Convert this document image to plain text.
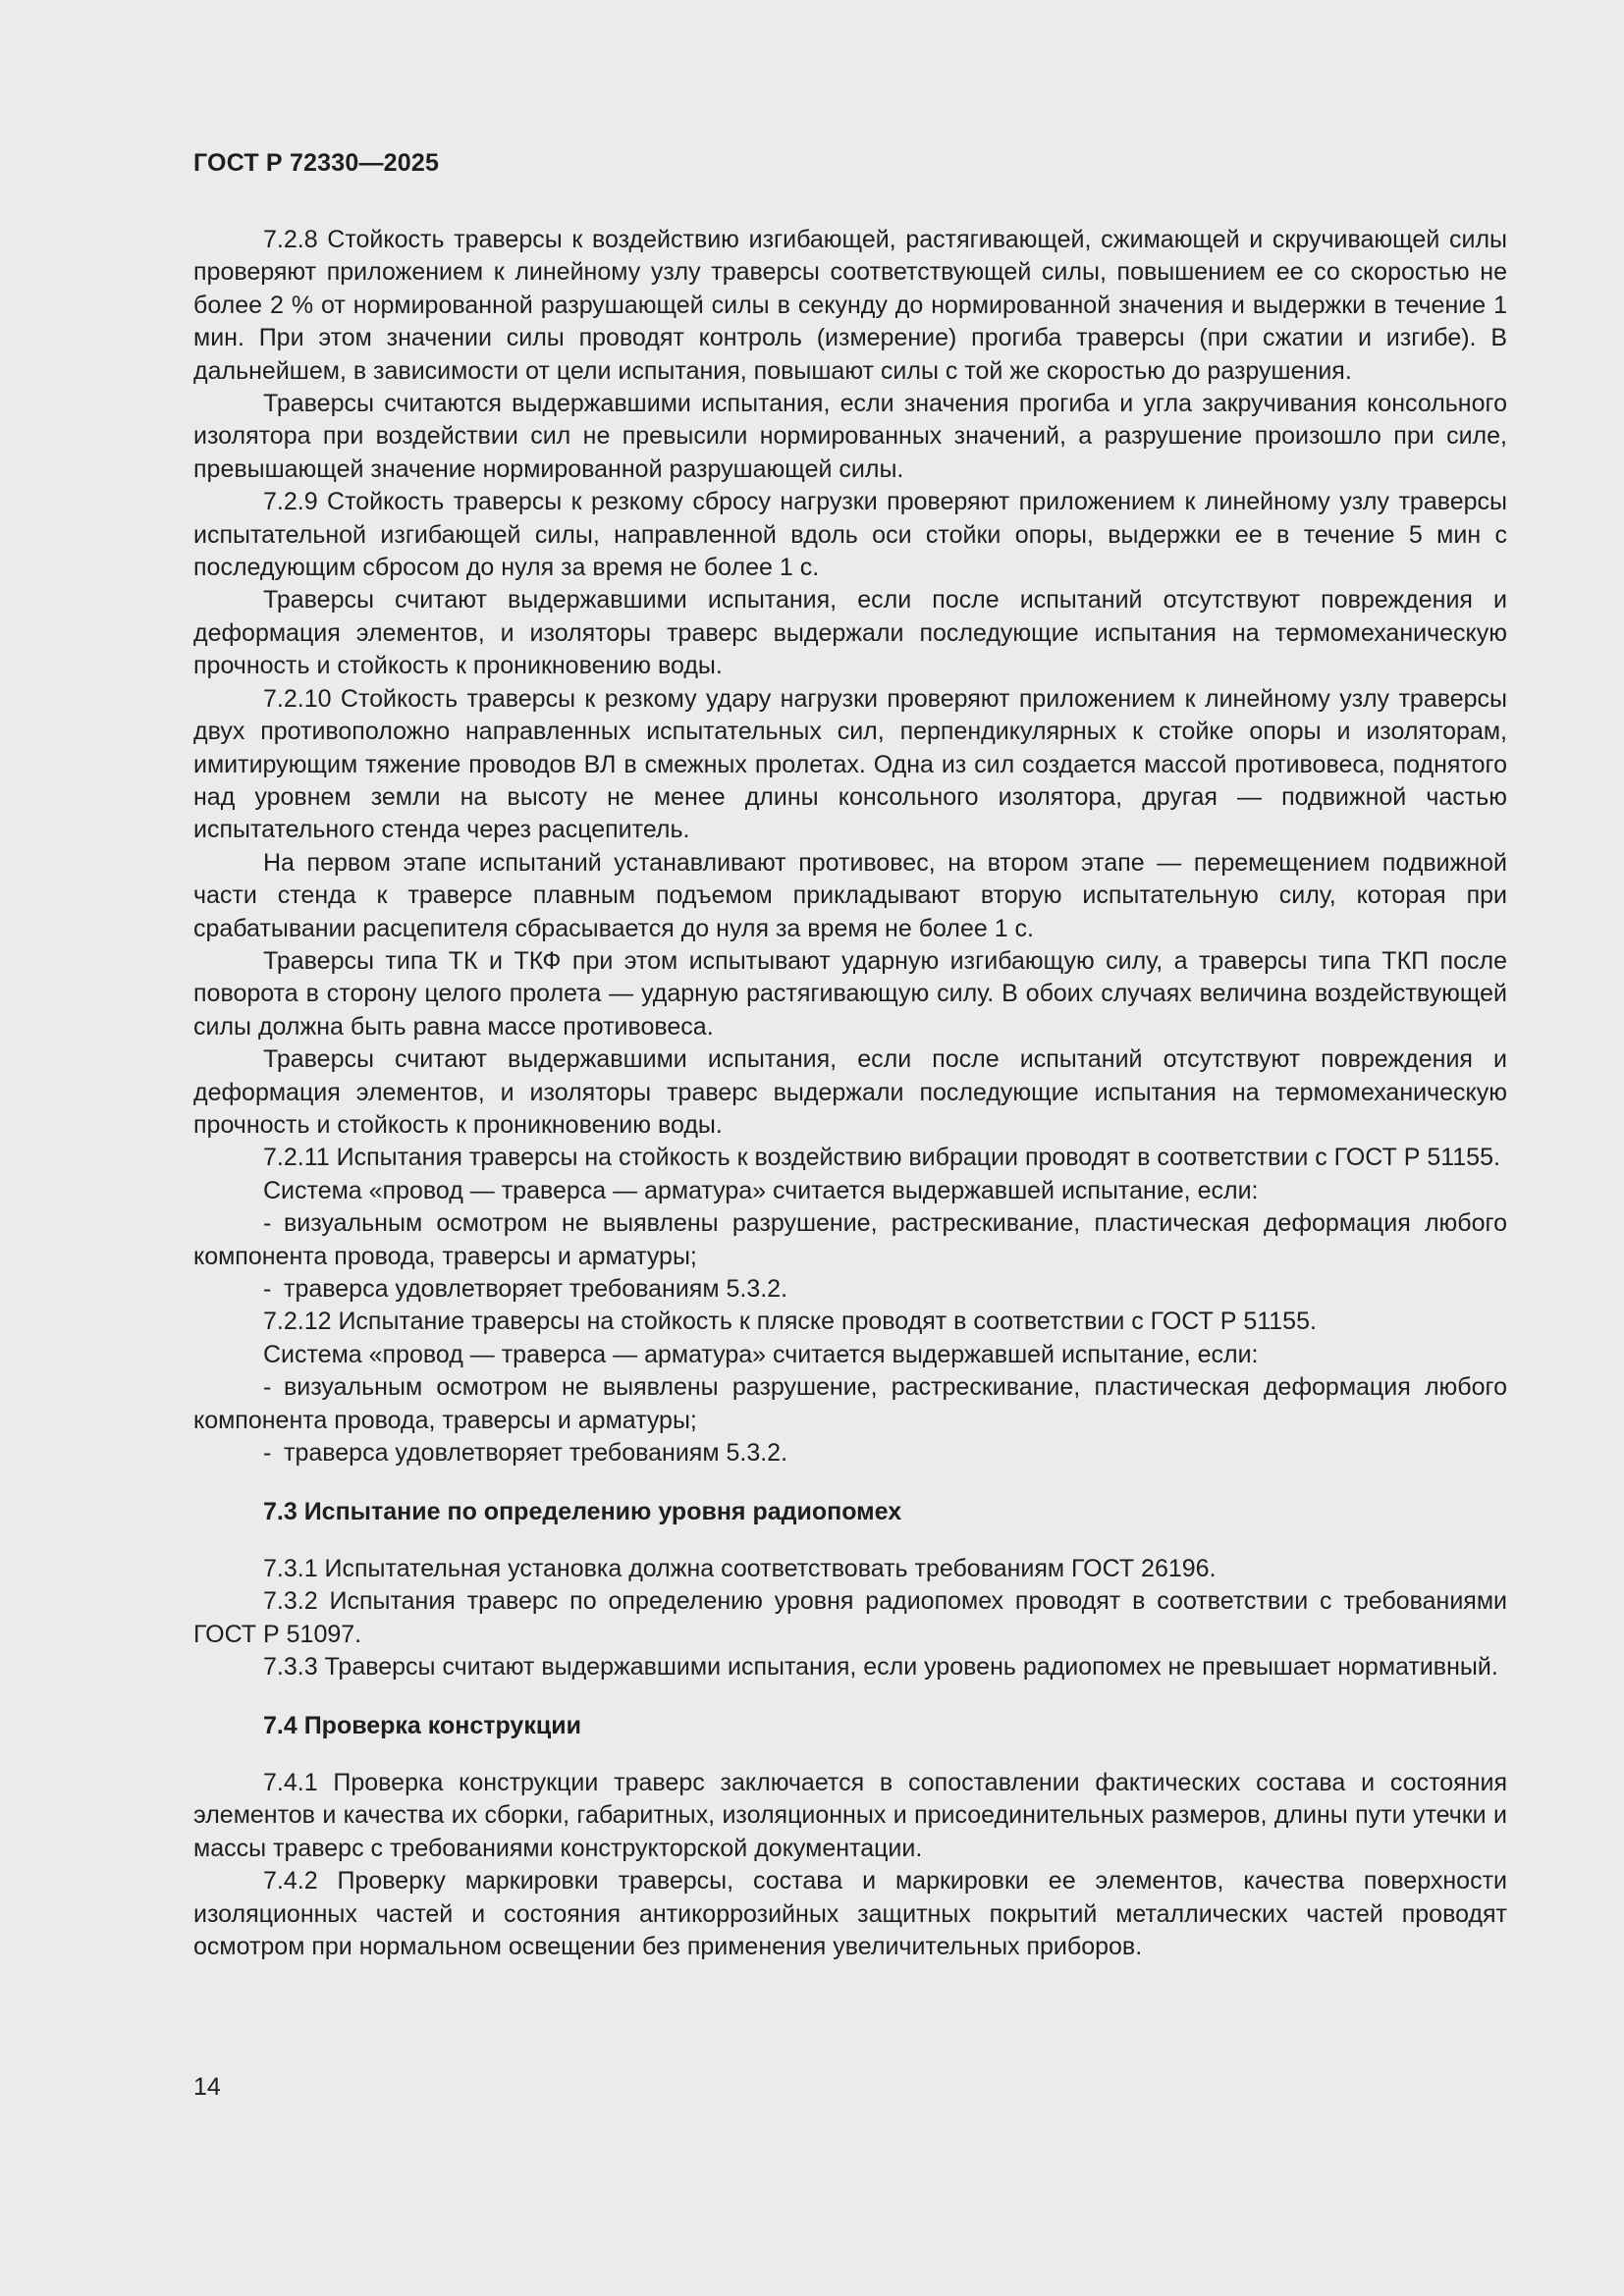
ГОСТ Р 72330—2025

7.2.8 Стойкость траверсы к воздействию изгибающей, растягивающей, сжимающей и скручивающей силы проверяют приложением к линейному узлу траверсы соответствующей силы, повышением ее со скоростью не более 2 % от нормированной разрушающей силы в секунду до нормированной значения и выдержки в течение 1 мин. При этом значении силы проводят контроль (измерение) прогиба траверсы (при сжатии и изгибе). В дальнейшем, в зависимости от цели испытания, повышают силы с той же скоростью до разрушения.

Траверсы считаются выдержавшими испытания, если значения прогиба и угла закручивания консольного изолятора при воздействии сил не превысили нормированных значений, а разрушение произошло при силе, превышающей значение нормированной разрушающей силы.

7.2.9 Стойкость траверсы к резкому сбросу нагрузки проверяют приложением к линейному узлу траверсы испытательной изгибающей силы, направленной вдоль оси стойки опоры, выдержки ее в течение 5 мин с последующим сбросом до нуля за время не более 1 с.

Траверсы считают выдержавшими испытания, если после испытаний отсутствуют повреждения и деформация элементов, и изоляторы траверс выдержали последующие испытания на термомеханическую прочность и стойкость к проникновению воды.

7.2.10 Стойкость траверсы к резкому удару нагрузки проверяют приложением к линейному узлу траверсы двух противоположно направленных испытательных сил, перпендикулярных к стойке опоры и изоляторам, имитирующим тяжение проводов ВЛ в смежных пролетах. Одна из сил создается массой противовеса, поднятого над уровнем земли на высоту не менее длины консольного изолятора, другая — подвижной частью испытательного стенда через расцепитель.

На первом этапе испытаний устанавливают противовес, на втором этапе — перемещением подвижной части стенда к траверсе плавным подъемом прикладывают вторую испытательную силу, которая при срабатывании расцепителя сбрасывается до нуля за время не более 1 с.

Траверсы типа ТК и ТКФ при этом испытывают ударную изгибающую силу, а траверсы типа ТКП после поворота в сторону целого пролета — ударную растягивающую силу. В обоих случаях величина воздействующей силы должна быть равна массе противовеса.

Траверсы считают выдержавшими испытания, если после испытаний отсутствуют повреждения и деформация элементов, и изоляторы траверс выдержали последующие испытания на термомеханическую прочность и стойкость к проникновению воды.

7.2.11 Испытания траверсы на стойкость к воздействию вибрации проводят в соответствии с ГОСТ Р 51155.

Система «провод — траверса — арматура» считается выдержавшей испытание, если:

- визуальным осмотром не выявлены разрушение, растрескивание, пластическая деформация любого компонента провода, траверсы и арматуры;

- траверса удовлетворяет требованиям 5.3.2.

7.2.12 Испытание траверсы на стойкость к пляске проводят в соответствии с ГОСТ Р 51155.

Система «провод — траверса — арматура» считается выдержавшей испытание, если:

- визуальным осмотром не выявлены разрушение, растрескивание, пластическая деформация любого компонента провода, траверсы и арматуры;

- траверса удовлетворяет требованиям 5.3.2.

7.3 Испытание по определению уровня радиопомех

7.3.1 Испытательная установка должна соответствовать требованиям ГОСТ 26196.

7.3.2 Испытания траверс по определению уровня радиопомех проводят в соответствии с требованиями ГОСТ Р 51097.

7.3.3 Траверсы считают выдержавшими испытания, если уровень радиопомех не превышает нормативный.

7.4 Проверка конструкции

7.4.1 Проверка конструкции траверс заключается в сопоставлении фактических состава и состояния элементов и качества их сборки, габаритных, изоляционных и присоединительных размеров, длины пути утечки и массы траверс с требованиями конструкторской документации.

7.4.2 Проверку маркировки траверсы, состава и маркировки ее элементов, качества поверхности изоляционных частей и состояния антикоррозийных защитных покрытий металлических частей проводят осмотром при нормальном освещении без применения увеличительных приборов.

14
